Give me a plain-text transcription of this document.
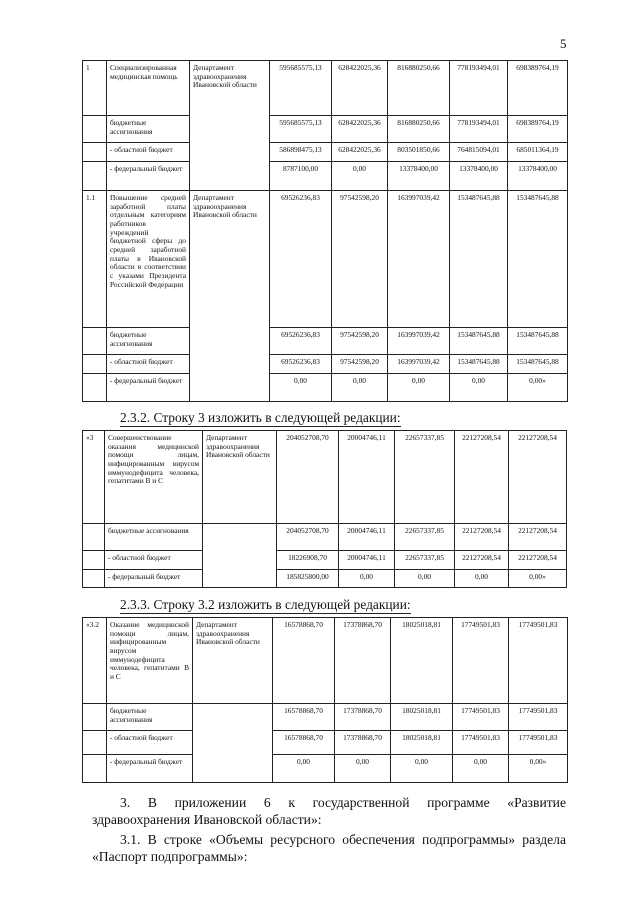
5
1	Специализированная медицинская помощь	Департамент здравоохранения Ивановской области	595685575,13	628422025,36	816880250,66	778193494,01	698389764,19
	бюджетные ассигнования		595685575,13	628422025,36	816880250,66	778193494,01	698389764,19
	- областной бюджет		586898475,13	628422025,36	803501850,66	764815094,01	685011364,19
	- федеральный бюджет		8787100,00	0,00	13378400,00	13378400,00	13378400,00
1.1	Повышение средней заработной платы отдельным категориям работников учреждений бюджетной сферы до средней заработной платы в Ивановской области в соответствии с указами Президента Российской Федерации	Департамент здравоохранения Ивановской области	69526236,83	97542598,20	163997039,42	153487645,88	153487645,88
	бюджетные ассигнования		69526236,83	97542598,20	163997039,42	153487645,88	153487645,88
	- областной бюджет		69526236,83	97542598,20	163997039,42	153487645,88	153487645,88
	- федеральный бюджет		0,00	0,00	0,00	0,00	0,00»
2.3.2. Строку 3 изложить в следующей редакции:
«3	Совершенствование оказания медицинской помощи лицам, инфицированным вирусом иммунодефицита человека, гепатитами В и С	Департамент здравоохранения Ивановской области	204052708,70	20004746,11	22657337,85	22127208,54	22127208,54
	бюджетные ассигнования		204052708,70	20004746,11	22657337,85	22127208,54	22127208,54
	- областной бюджет		18226908,70	20004746,11	22657337,85	22127208,54	22127208,54
	- федеральный бюджет		185825800,00	0,00	0,00	0,00	0,00»
2.3.3. Строку 3.2 изложить в следующей редакции:
«3.2	Оказание медицинской помощи лицам, инфицированным вирусом иммунодефицита человека, гепатитами В и С	Департамент здравоохранения Ивановской области	16578868,70	17378868,70	18025018,81	17749501,83	17749501,83
	бюджетные ассигнования		16578868,70	17378868,70	18025018,81	17749501,83	17749501,83
	- областной бюджет		16578868,70	17378868,70	18025018,81	17749501,83	17749501,83
	- федеральный бюджет		0,00	0,00	0,00	0,00	0,00»
3. В приложении 6 к государственной программе «Развитие здравоохранения Ивановской области»:
3.1. В строке «Объемы ресурсного обеспечения подпрограммы» раздела «Паспорт подпрограммы»:
